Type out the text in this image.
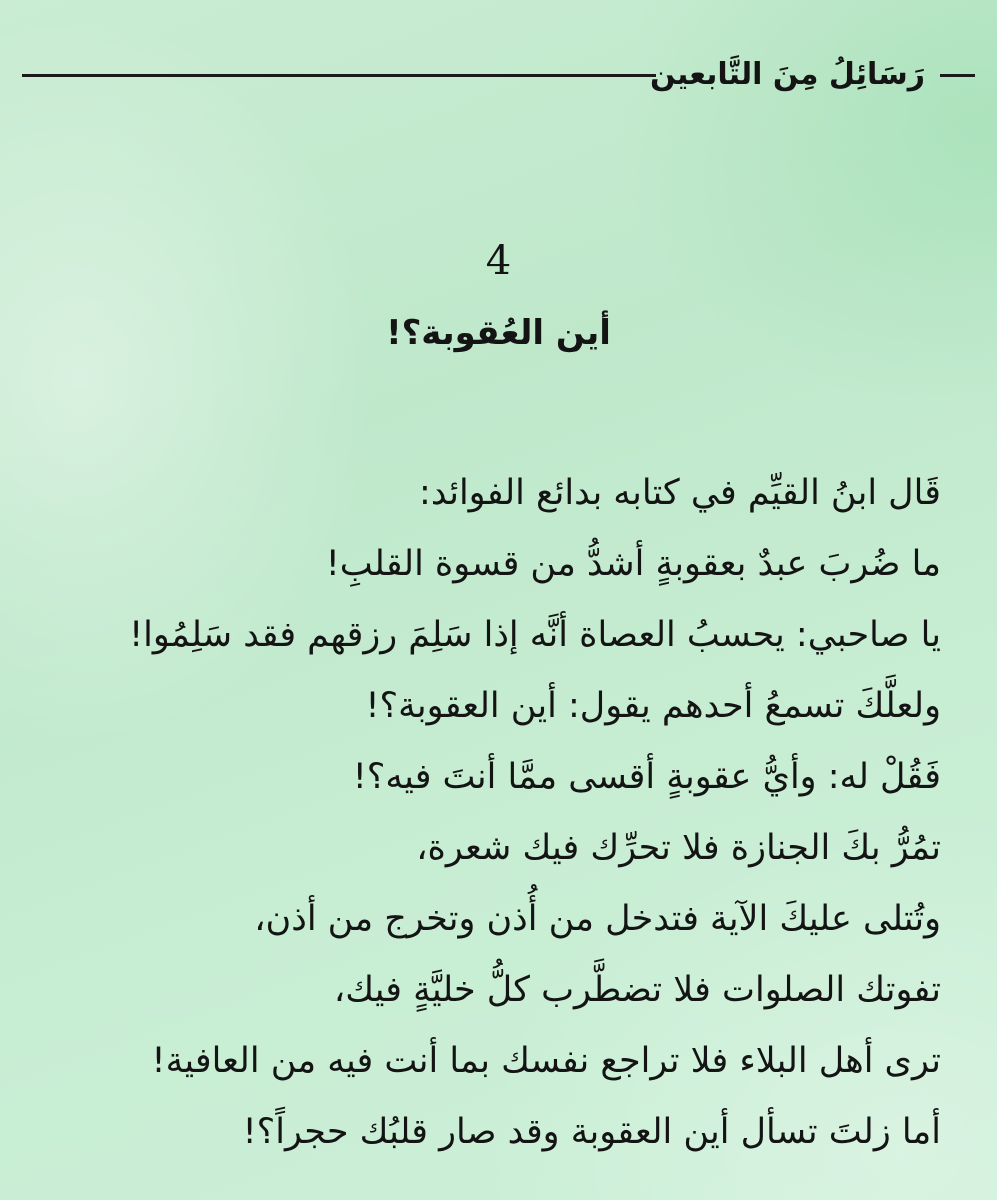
رَسَائِلُ مِنَ التَّابعين
4
أين العُقوبة؟!
قَال ابنُ القيِّم في كتابه بدائع الفوائد:
ما ضُربَ عبدٌ بعقوبةٍ أشدُّ من قسوة القلبِ!
يا صاحبي: يحسبُ العصاة أنَّه إذا سَلِمَ رزقهم فقد سَلِمُوا!
ولعلَّكَ تسمعُ أحدهم يقول: أين العقوبة؟!
فَقُلْ له: وأيُّ عقوبةٍ أقسى ممَّا أنتَ فيه؟!
تمُرُّ بكَ الجنازة فلا تحرِّك فيك شعرة،
وتُتلى عليكَ الآية فتدخل من أُذن وتخرج من أذن،
تفوتك الصلوات فلا تضطَّرب كلُّ خليَّةٍ فيك،
ترى أهل البلاء فلا تراجع نفسك بما أنت فيه من العافية!
أما زلتَ تسأل أين العقوبة وقد صار قلبُك حجراً؟!
